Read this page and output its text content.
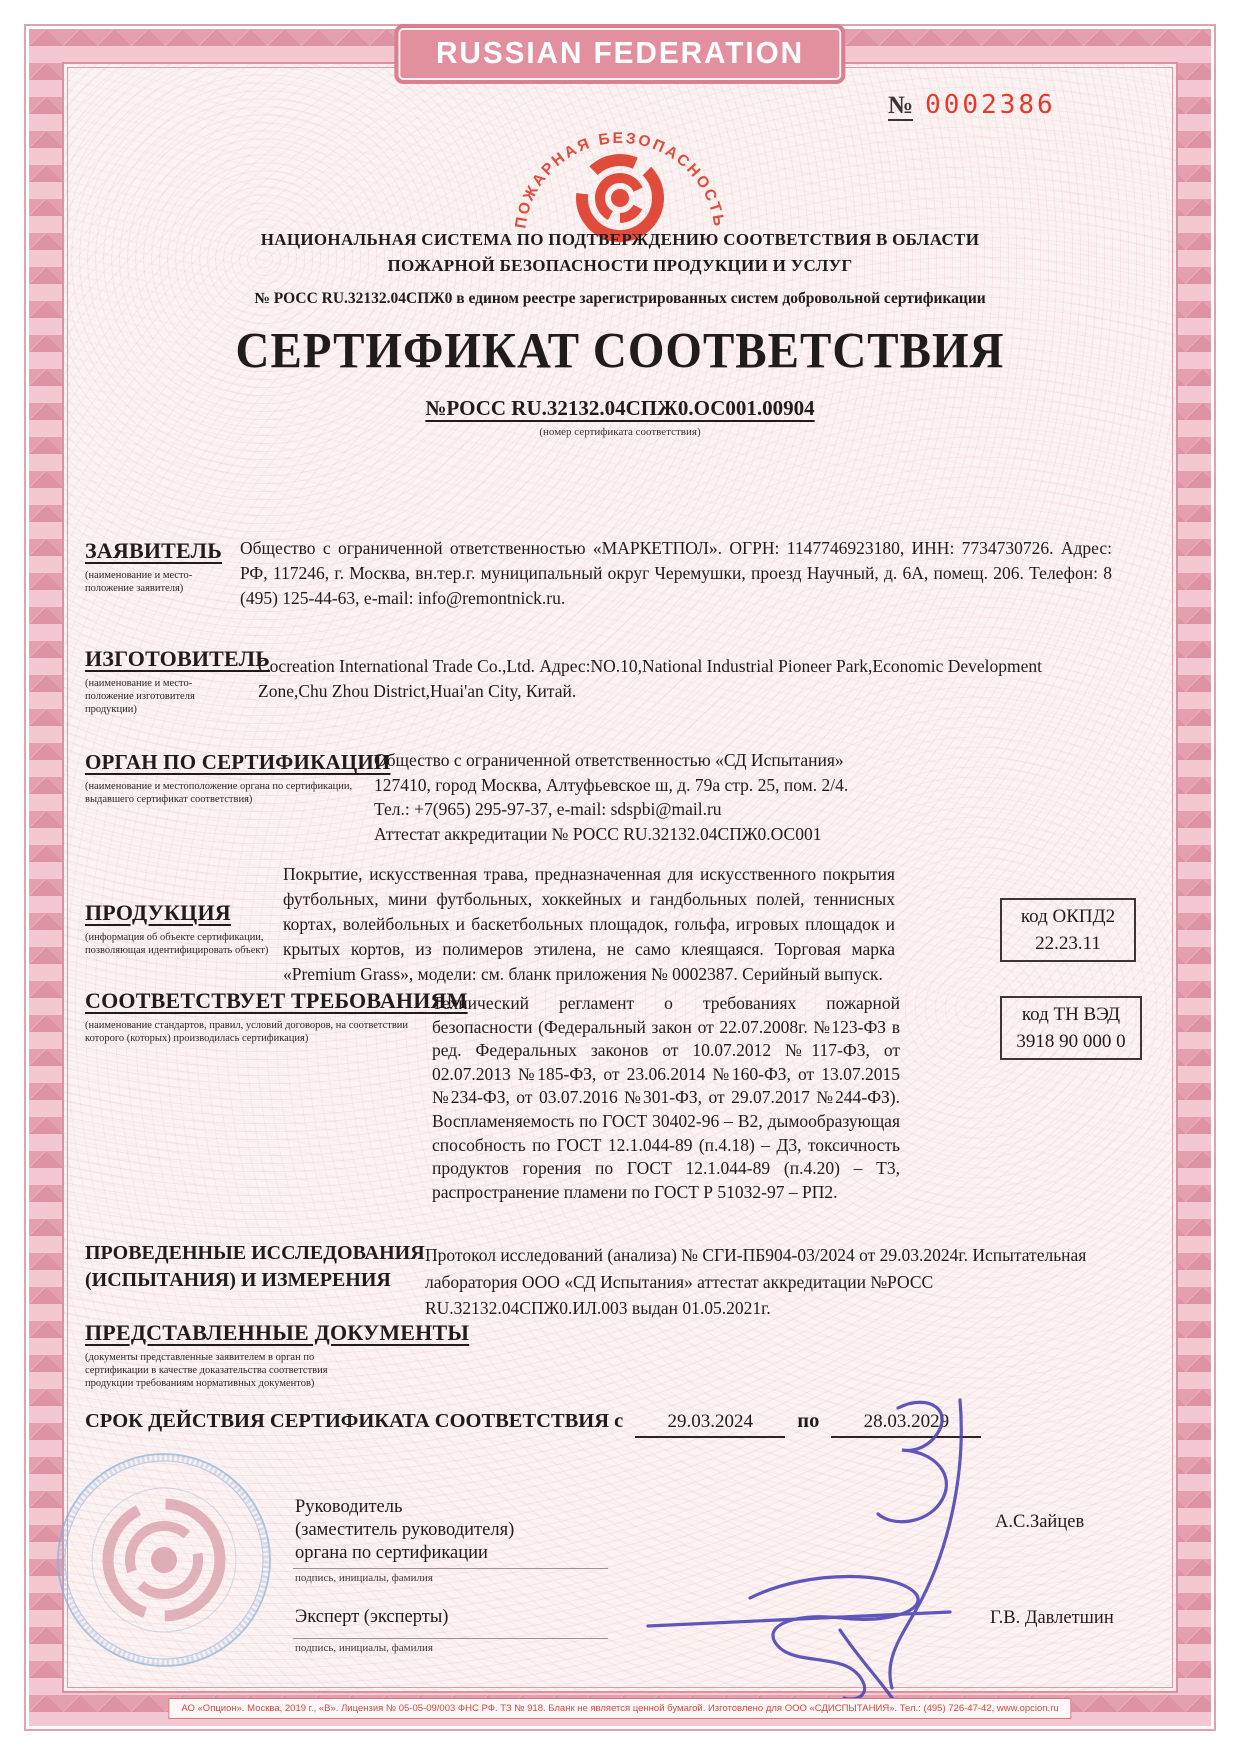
RUSSIAN FEDERATION
№ 0002386
ПОЖАРНАЯ БЕЗОПАСНОСТЬ
НАЦИОНАЛЬНАЯ СИСТЕМА ПО ПОДТВЕРЖДЕНИЮ СООТВЕТСТВИЯ В ОБЛАСТИ
ПОЖАРНОЙ БЕЗОПАСНОСТИ ПРОДУКЦИИ И УСЛУГ
№ РОСС RU.32132.04СПЖ0 в едином реестре зарегистрированных систем добровольной сертификации
СЕРТИФИКАТ СООТВЕТСТВИЯ
№РОСС RU.32132.04СПЖ0.ОС001.00904
(номер сертификата соответствия)
ЗАЯВИТЕЛЬ
(наименование и место- положение заявителя)
Общество с ограниченной ответственностью «МАРКЕТПОЛ». ОГРН: 1147746923180, ИНН: 7734730726. Адрес: РФ, 117246, г. Москва, вн.тер.г. муниципальный округ Черемушки, проезд Научный, д. 6А, помещ. 206. Телефон: 8 (495) 125-44-63, e-mail: info@remontnick.ru.
ИЗГОТОВИТЕЛЬ
(наименование и место- положение изготовителя продукции)
Cocreation International Trade Co.,Ltd. Адрес:NO.10,National Industrial Pioneer Park,Economic Development Zone,Chu Zhou District,Huai'an City, Китай.
ОРГАН ПО СЕРТИФИКАЦИИ
(наименование и местоположение органа по сертификации, выдавшего сертификат соответствия)

Общество с ограниченной ответственностью «СД Испытания»

127410, город Москва, Алтуфьевское ш, д. 79а стр. 25, пом. 2/4.

Тел.: +7(965) 295-97-37, e-mail: sdspbi@mail.ru

Аттестат аккредитации № РОСС RU.32132.04СПЖ0.ОС001

Покрытие, искусственная трава, предназначенная для искусственного покрытия футбольных, мини футбольных, хоккейных и гандбольных полей, теннисных кортах, волейбольных и баскетбольных площадок, гольфа, игровых площадок и крытых кортов, из полимеров этилена, не само клеящаяся. Торговая марка «Premium Grass», модели: см. бланк приложения № 0002387. Серийный выпуск.
ПРОДУКЦИЯ
(информация об объекте сертификации, позволяющая идентифицировать объект)
код ОКПД2
22.23.11
СООТВЕТСТВУЕТ ТРЕБОВАНИЯМ
(наименование стандартов, правил, условий договоров, на соответствии которого (которых) производилась сертификация)
Технический регламент о требованиях пожарной безопасности (Федеральный закон от 22.07.2008г. №123-ФЗ в ред. Федеральных законов от 10.07.2012 №117-ФЗ, от 02.07.2013 №185-ФЗ, от 23.06.2014 №160-ФЗ, от 13.07.2015 №234-ФЗ, от 03.07.2016 №301-ФЗ, от 29.07.2017 №244-ФЗ). Воспламеняемость по ГОСТ 30402-96 – В2, дымообразующая способность по ГОСТ 12.1.044-89 (п.4.18) – Д3, токсичность продуктов горения по ГОСТ 12.1.044-89 (п.4.20) – Т3, распространение пламени по ГОСТ Р 51032-97 – РП2.
код ТН ВЭД
3918 90 000 0
ПРОВЕДЕННЫЕ ИССЛЕДОВАНИЯ
(ИСПЫТАНИЯ) И ИЗМЕРЕНИЯ
Протокол исследований (анализа) № СГИ-ПБ904-03/2024 от 29.03.2024г. Испытательная лаборатория ООО «СД Испытания» аттестат аккредитации №РОСС RU.32132.04СПЖ0.ИЛ.003 выдан 01.05.2021г.
ПРЕДСТАВЛЕННЫЕ ДОКУМЕНТЫ
(документы представленные заявителем в орган по сертификации в качестве доказательства соответствия продукции требованиям нормативных документов)
СРОК ДЕЙСТВИЯ СЕРТИФИКАТА СООТВЕТСТВИЯ с 29.03.2024 по 28.03.2029
Руководитель
(заместитель руководителя)
органа по сертификации
подпись, инициалы, фамилия
А.С.Зайцев
Эксперт (эксперты)
подпись, инициалы, фамилия
Г.В. Давлетшин
АО «Опцион». Москва, 2019 г., «В». Лицензия № 05-05-09/003 ФНС РФ. ТЗ № 918. Бланк не является ценной бумагой. Изготовлено для ООО «СДИСПЫТАНИЯ». Тел.: (495) 726-47-42, www.opcion.ru
